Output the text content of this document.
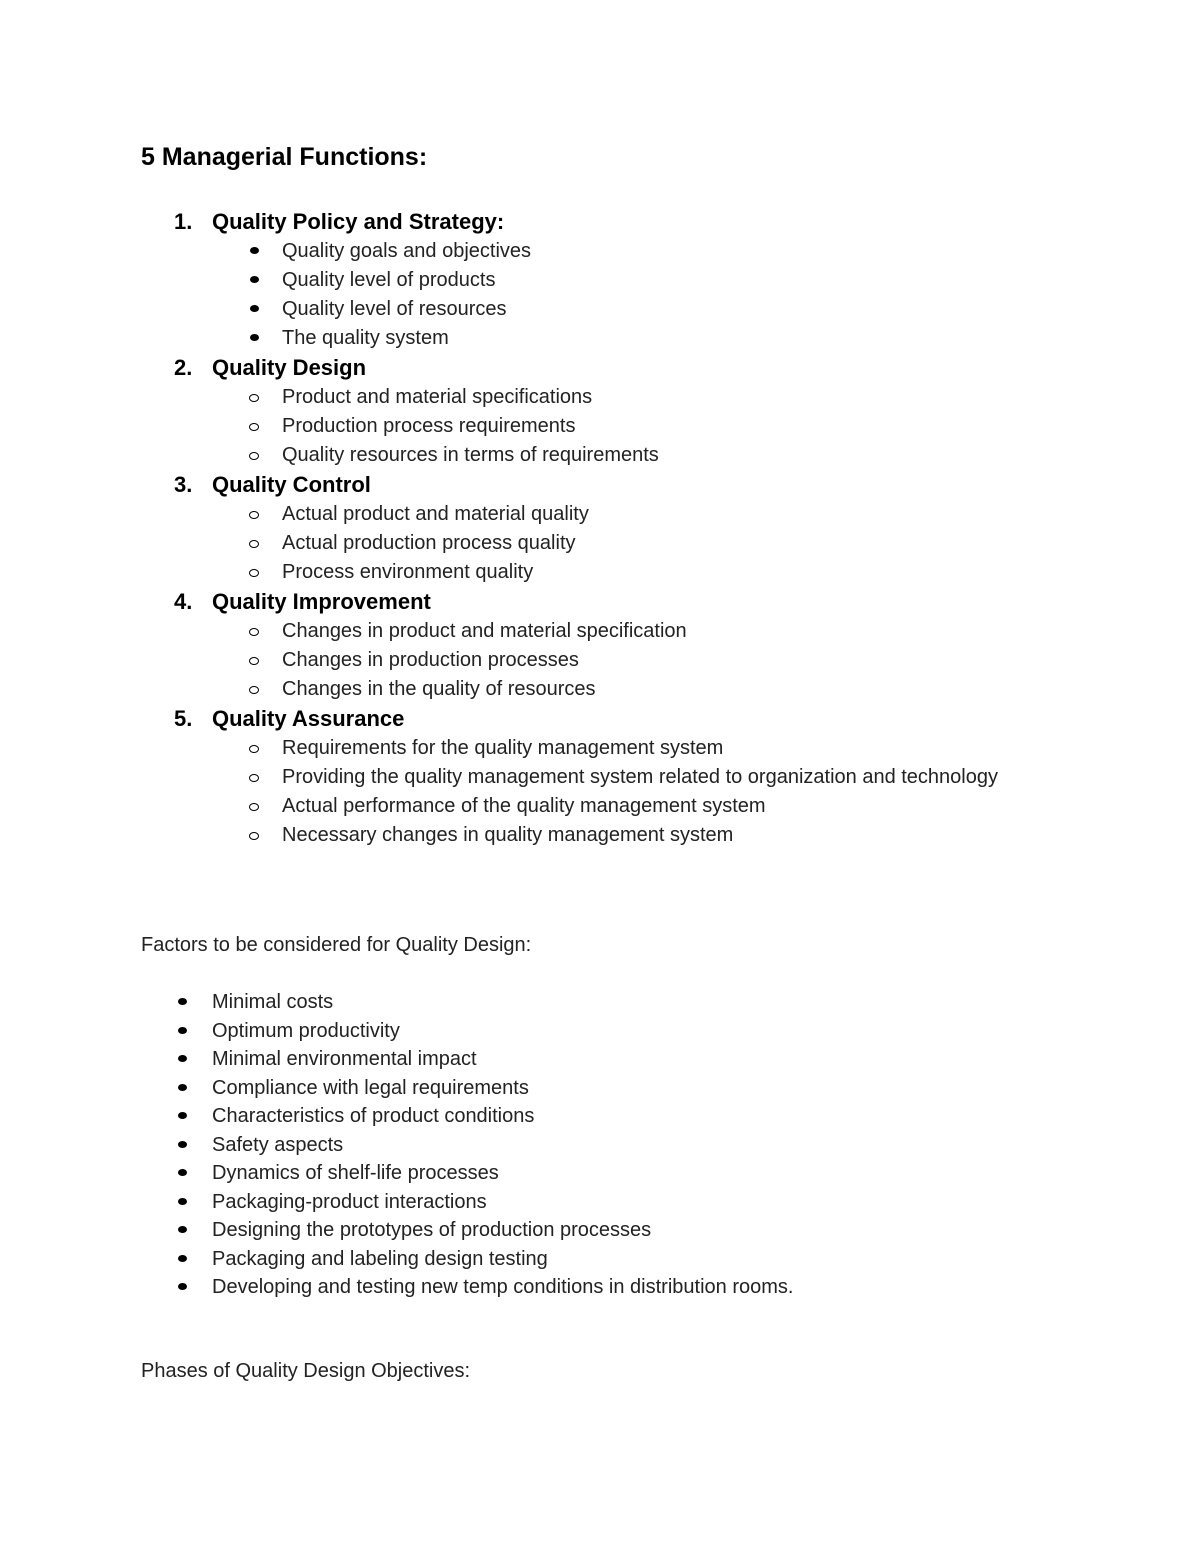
5 Managerial Functions:
1. Quality Policy and Strategy:
Quality goals and objectives
Quality level of products
Quality level of resources
The quality system
2. Quality Design
Product and material specifications
Production process requirements
Quality resources in terms of requirements
3. Quality Control
Actual product and material quality
Actual production process quality
Process environment quality
4. Quality Improvement
Changes in product and material specification
Changes in production processes
Changes in the quality of resources
5. Quality Assurance
Requirements for the quality management system
Providing the quality management system related to organization and technology
Actual performance of the quality management system
Necessary changes in quality management system
Factors to be considered for Quality Design:
Minimal costs
Optimum productivity
Minimal environmental impact
Compliance with legal requirements
Characteristics of product conditions
Safety aspects
Dynamics of shelf-life processes
Packaging-product interactions
Designing the prototypes of production processes
Packaging and labeling design testing
Developing and testing new temp conditions in distribution rooms.
Phases of Quality Design Objectives:
